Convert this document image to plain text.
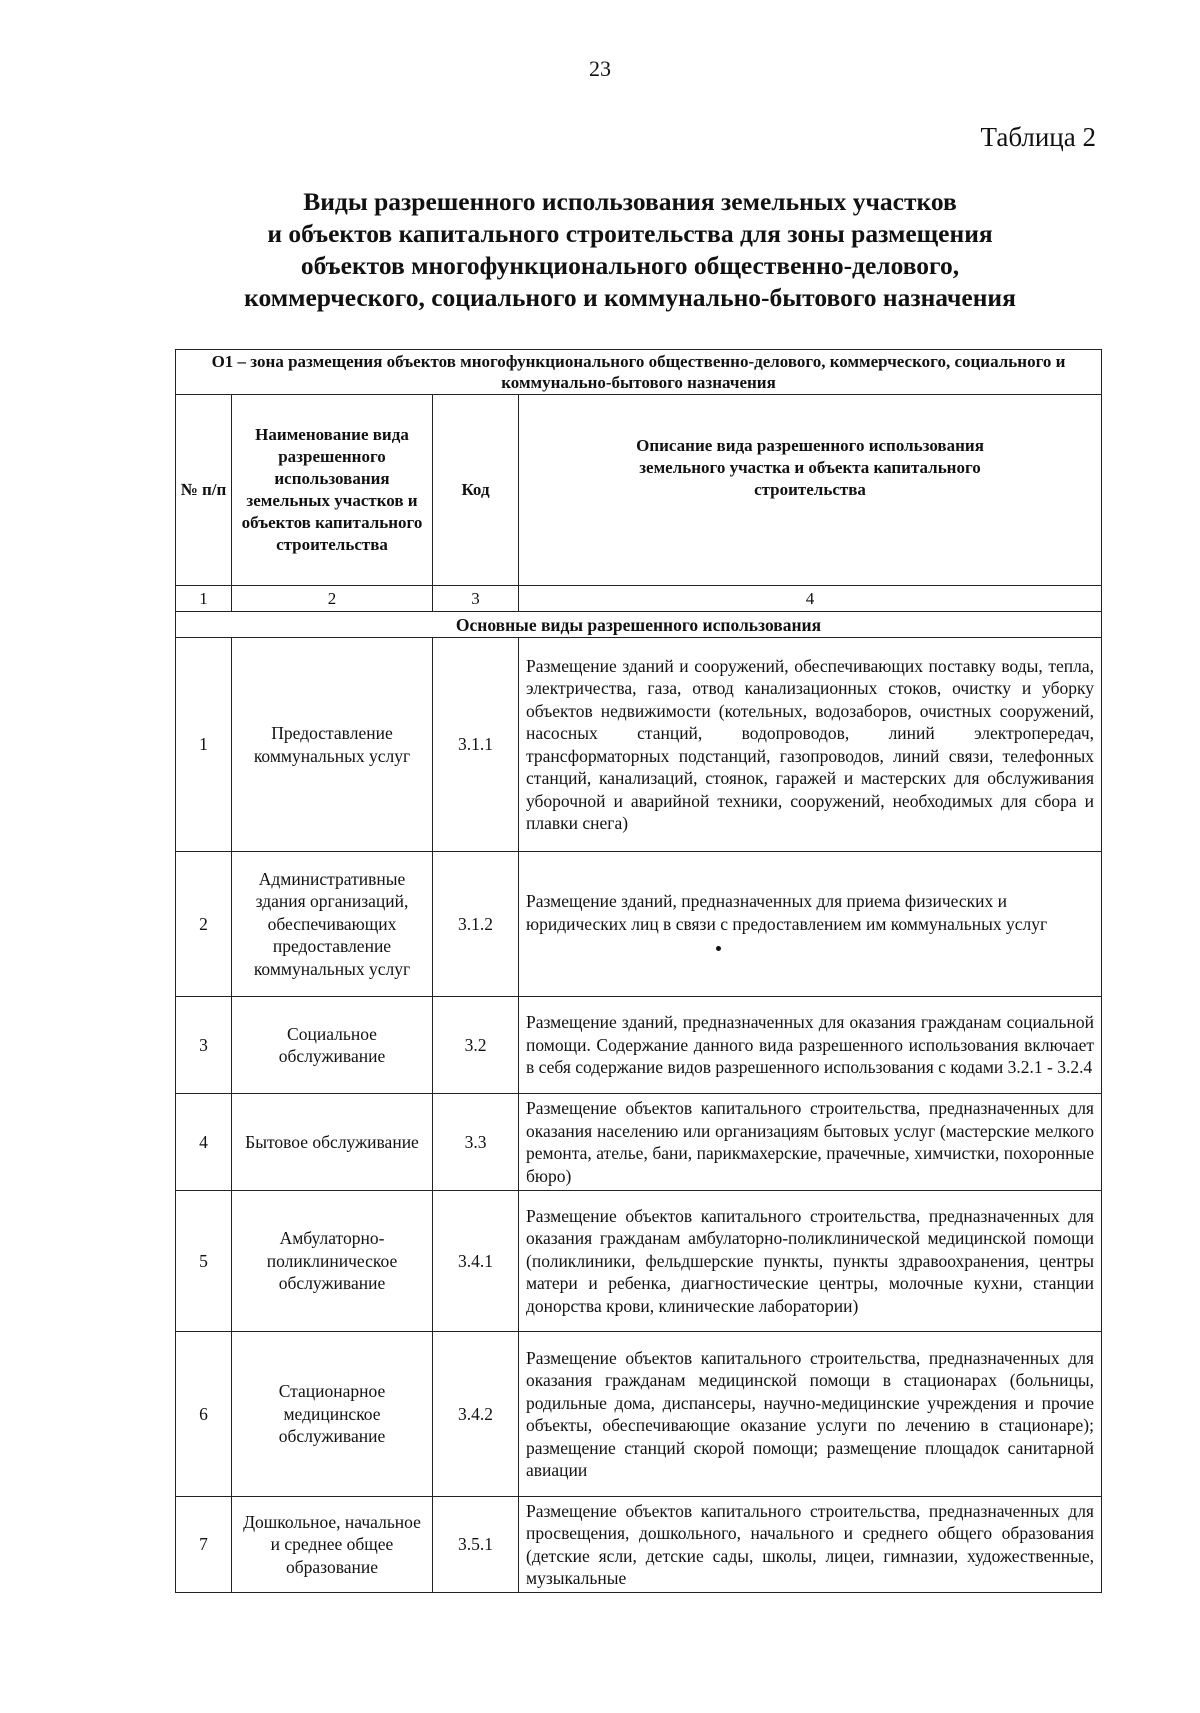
23
Таблица 2
Виды разрешенного использования земельных участков
и объектов капитального строительства для зоны размещения
объектов многофункционального общественно-делового,
коммерческого, социального и коммунально-бытового назначения
О1 – зона размещения объектов многофункционального общественно-делового, коммерческого, социального и коммунально-бытового назначения			
№ п/п	Наименование вида разрешенного использования земельных участков и объектов капитального строительства	Код	Описание вида разрешенного использования земельного участка и объекта капитального строительства
1	2	3	4
Основные виды разрешенного использования			
1	Предоставление коммунальных услуг	3.1.1	Размещение зданий и сооружений, обеспечивающих поставку воды, тепла, электричества, газа, отвод канализационных стоков, очистку и уборку объектов недвижимости (котельных, водозаборов, очистных сооружений, насосных станций, водопроводов, линий электропередач, трансформаторных подстанций, газопроводов, линий связи, телефонных станций, канализаций, стоянок, гаражей и мастерских для обслуживания уборочной и аварийной техники, сооружений, необходимых для сбора и плавки снега)
2	Административные здания организаций, обеспечивающих предоставление коммунальных услуг	3.1.2	Размещение зданий, предназначенных для приема физических и юридических лиц в связи с предоставлением им коммунальных услуг
3	Социальное обслуживание	3.2	Размещение зданий, предназначенных для оказания гражданам социальной помощи. Содержание данного вида разрешенного использования включает в себя содержание видов разрешенного использования с кодами 3.2.1 - 3.2.4
4	Бытовое обслуживание	3.3	Размещение объектов капитального строительства, предназначенных для оказания населению или организациям бытовых услуг (мастерские мелкого ремонта, ателье, бани, парикмахерские, прачечные, химчистки, похоронные бюро)
5	Амбулаторно-поликлиническое обслуживание	3.4.1	Размещение объектов капитального строительства, предназначенных для оказания гражданам амбулаторно-поликлинической медицинской помощи (поликлиники, фельдшерские пункты, пункты здравоохранения, центры матери и ребенка, диагностические центры, молочные кухни, станции донорства крови, клинические лаборатории)
6	Стационарное медицинское обслуживание	3.4.2	Размещение объектов капитального строительства, предназначенных для оказания гражданам медицинской помощи в стационарах (больницы, родильные дома, диспансеры, научно-медицинские учреждения и прочие объекты, обеспечивающие оказание услуги по лечению в стационаре); размещение станций скорой помощи; размещение площадок санитарной авиации
7	Дошкольное, начальное и среднее общее образование	3.5.1	Размещение объектов капитального строительства, предназначенных для просвещения, дошкольного, начального и среднего общего образования (детские ясли, детские сады, школы, лицеи, гимназии, художественные, музыкальные
